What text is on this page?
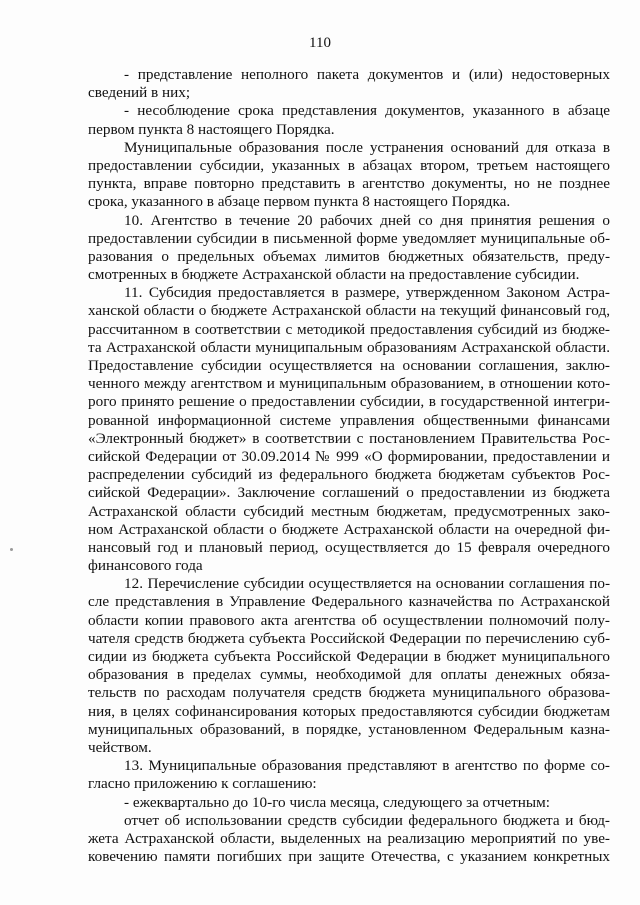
110
- представление неполного пакета документов и (или) недостоверных
сведений в них;
- несоблюдение срока представления документов, указанного в абзаце
первом пункта 8 настоящего Порядка.
Муниципальные образования после устранения оснований для отказа в
предоставлении субсидии, указанных в абзацах втором, третьем настоящего
пункта, вправе повторно представить в агентство документы, но не позднее
срока, указанного в абзаце первом пункта 8 настоящего Порядка.
10. Агентство в течение 20 рабочих дней со дня принятия решения о
предоставлении субсидии в письменной форме уведомляет муниципальные об-
разования о предельных объемах лимитов бюджетных обязательств, преду-
смотренных в бюджете Астраханской области на предоставление субсидии.
11. Субсидия предоставляется в размере, утвержденном Законом Астра-
ханской области о бюджете Астраханской области на текущий финансовый год,
рассчитанном в соответствии с методикой предоставления субсидий из бюдже-
та Астраханской области муниципальным образованиям Астраханской области.
Предоставление субсидии осуществляется на основании соглашения, заклю-
ченного между агентством и муниципальным образованием, в отношении кото-
рого принято решение о предоставлении субсидии, в государственной интегри-
рованной информационной системе управления общественными финансами
«Электронный бюджет» в соответствии с постановлением Правительства Рос-
сийской Федерации от 30.09.2014 № 999 «О формировании, предоставлении и
распределении субсидий из федерального бюджета бюджетам субъектов Рос-
сийской Федерации». Заключение соглашений о предоставлении из бюджета
Астраханской области субсидий местным бюджетам, предусмотренных зако-
ном Астраханской области о бюджете Астраханской области на очередной фи-
нансовый год и плановый период, осуществляется до 15 февраля очередного
финансового года
12. Перечисление субсидии осуществляется на основании соглашения по-
сле представления в Управление Федерального казначейства по Астраханской
области копии правового акта агентства об осуществлении полномочий полу-
чателя средств бюджета субъекта Российской Федерации по перечислению суб-
сидии из бюджета субъекта Российской Федерации в бюджет муниципального
образования в пределах суммы, необходимой для оплаты денежных обяза-
тельств по расходам получателя средств бюджета муниципального образова-
ния, в целях софинансирования которых предоставляются субсидии бюджетам
муниципальных образований, в порядке, установленном Федеральным казна-
чейством.
13. Муниципальные образования представляют в агентство по форме со-
гласно приложению к соглашению:
- ежеквартально до 10-го числа месяца, следующего за отчетным:
отчет об использовании средств субсидии федерального бюджета и бюд-
жета Астраханской области, выделенных на реализацию мероприятий по уве-
ковечению памяти погибших при защите Отечества, с указанием конкретных
